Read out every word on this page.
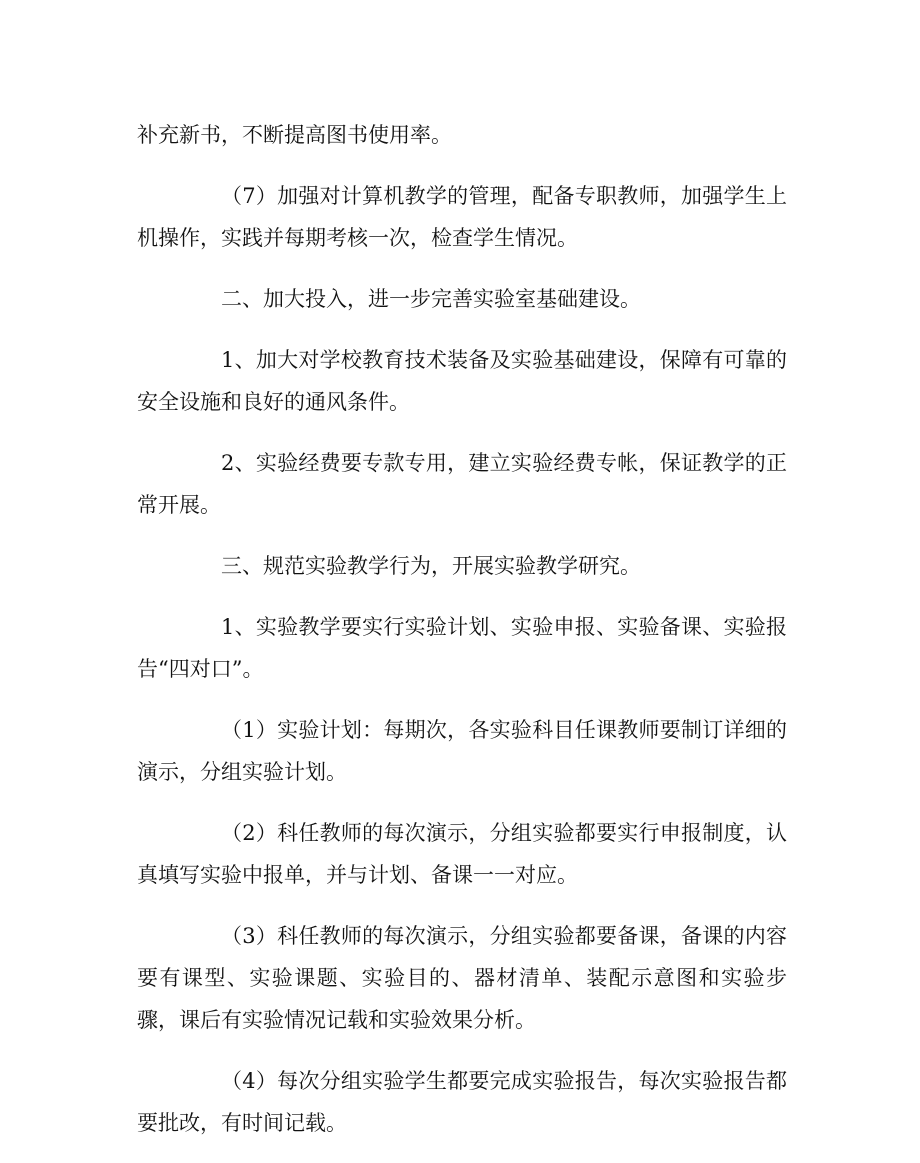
补充新书，不断提高图书使用率。

（7）加强对计算机教学的管理，配备专职教师，加强学生上机操作，实践并每期考核一次，检查学生情况。

二、加大投入，进一步完善实验室基础建设。

1、加大对学校教育技术装备及实验基础建设，保障有可靠的安全设施和良好的通风条件。

2、实验经费要专款专用，建立实验经费专帐，保证教学的正常开展。

三、规范实验教学行为，开展实验教学研究。

1、实验教学要实行实验计划、实验申报、实验备课、实验报告“四对口”。

（1）实验计划：每期次，各实验科目任课教师要制订详细的演示，分组实验计划。

（2）科任教师的每次演示，分组实验都要实行申报制度，认真填写实验中报单，并与计划、备课一一对应。

（3）科任教师的每次演示，分组实验都要备课，备课的内容要有课型、实验课题、实验目的、器材清单、装配示意图和实验步骤，课后有实验情况记载和实验效果分析。

（4）每次分组实验学生都要完成实验报告，每次实验报告都要批改，有时间记载。
